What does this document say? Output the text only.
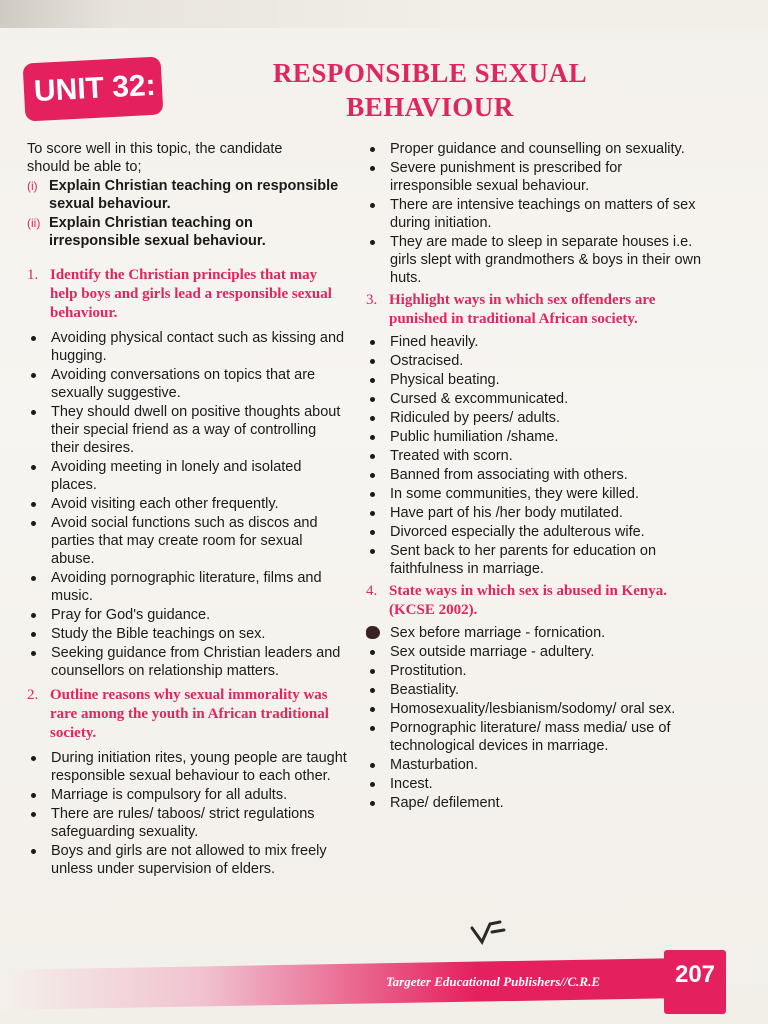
UNIT 32:	RESPONSIBLE SEXUAL
BEHAVIOUR

To score well in this topic, the candidate

should be able to;

(i) Explain Christian teaching on responsible sexual behaviour.
(ii) Explain Christian teaching on irresponsible sexual behaviour.
1. Identify the Christian principles that may help boys and girls lead a responsible sexual behaviour.
Avoiding physical contact such as kissing and hugging.
Avoiding conversations on topics that are sexually suggestive.
They should dwell on positive thoughts about their special friend as a way of controlling their desires.
Avoiding meeting in lonely and isolated places.
Avoid visiting each other frequently.
Avoid social functions such as discos and parties that may create room for sexual abuse.
Avoiding pornographic literature, films and music.
Pray for God's guidance.
Study the Bible teachings on sex.
Seeking guidance from Christian leaders and counsellors on relationship matters.
2. Outline reasons why sexual immorality was rare among the youth in African traditional society.
During initiation rites, young people are taught responsible sexual behaviour to each other.
Marriage is compulsory for all adults.
There are rules/ taboos/ strict regulations safeguarding sexuality.
Boys and girls are not allowed to mix freely unless under supervision of elders.
Proper guidance and counselling on sexuality.
Severe punishment is prescribed for irresponsible sexual behaviour.
There are intensive teachings on matters of sex during initiation.
They are made to sleep in separate houses i.e. girls slept with grandmothers & boys in their own huts.
3. Highlight ways in which sex offenders are punished in traditional African society.
Fined heavily.
Ostracised.
Physical beating.
Cursed & excommunicated.
Ridiculed by peers/ adults.
Public humiliation /shame.
Treated with scorn.
Banned from associating with others.
In some communities, they were killed.
Have part of his /her body mutilated.
Divorced especially the adulterous wife.
Sent back to her parents for education on faithfulness in marriage.
4. State ways in which sex is abused in Kenya. (KCSE 2002).
Sex before marriage - fornication.
Sex outside marriage - adultery.
Prostitution.
Beastiality.
Homosexuality/lesbianism/sodomy/ oral sex.
Pornographic literature/ mass media/ use of technological devices in marriage.
Masturbation.
Incest.
Rape/ defilement.
Targeter Educational Publishers//C.R.E	207
